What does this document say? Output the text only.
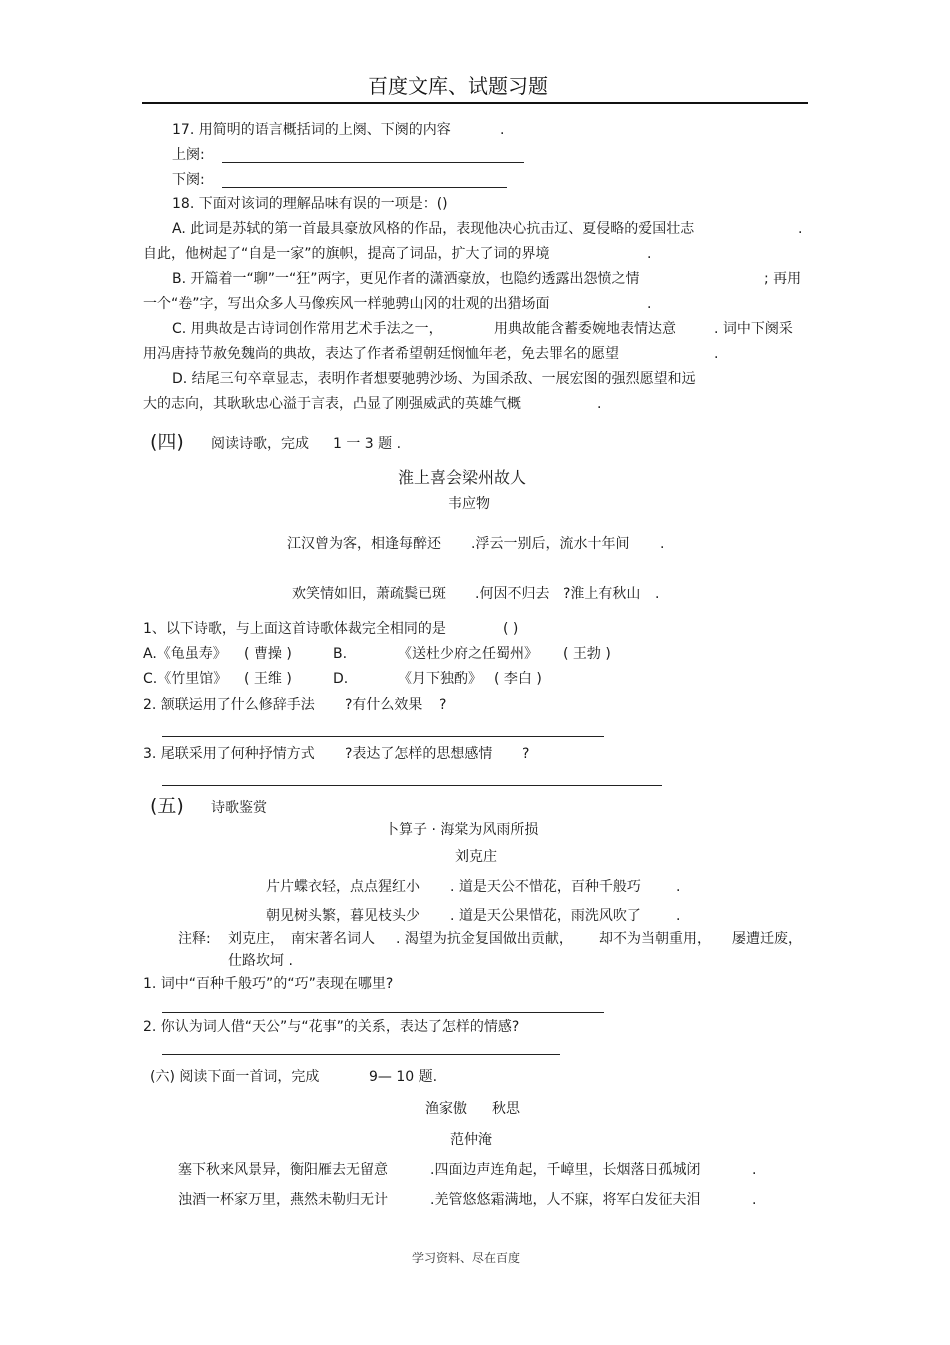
百度文库、试题习题
17. 用简明的语言概括词的上阕、下阕的内容	.
上阕:
下阕:
18. 下面对该词的理解品味有误的一项是：()
A. 此词是苏轼的第一首最具豪放风格的作品，表现他决心抗击辽、夏侵略的爱国壮志	.
自此，他树起了“自是一家”的旗帜，提高了词品，扩大了词的界境	.
B. 开篇着一“聊”一“狂”两字，更见作者的潇洒豪放，也隐约透露出怨愤之情	; 再用
一个“卷”字，写出众多人马像疾风一样驰骋山冈的壮观的出猎场面	.
C. 用典故是古诗词创作常用艺术手法之一，	用典故能含蓄委婉地表情达意	. 词中下阕采
用冯唐持节赦免魏尚的典故，表达了作者希望朝廷悯恤年老，免去罪名的愿望	.
D. 结尾三句卒章显志，表明作者想要驰骋沙场、为国杀敌、一展宏图的强烈愿望和远
大的志向，其耿耿忠心溢于言表，凸显了刚强威武的英雄气概	.
(四) 阅读诗歌，完成 1 一 3 题 .
淮上喜会梁州故人
韦应物
江汉曾为客，相逢每醉还 .浮云一别后，流水十年间 .
欢笑情如旧，萧疏鬓已斑 .何因不归去 ?淮上有秋山 .
1、以下诗歌，与上面这首诗歌体裁完全相同的是	( )
A.《龟虽寿》 ( 曹操 )	B.	《送杜少府之任蜀州》 ( 王勃 )
C.《竹里馆》 ( 王维 )	D.	《月下独酌》 ( 李白 )
2. 颔联运用了什么修辞手法 ?有什么效果 ?
3. 尾联采用了何种抒情方式 ?表达了怎样的思想感情 ?
(五) 诗歌鉴赏
卜算子 · 海棠为风雨所损
刘克庄
片片蝶衣轻，点点猩红小 . 道是天公不惜花，百种千般巧	.
朝见树头繁，暮见枝头少 . 道是天公果惜花，雨洗风吹了	.
注释: 刘克庄， 南宋著名词人 . 渴望为抗金复国做出贡献， 却不为当朝重用， 屡遭迁废，
仕路坎坷 .
1. 词中“百种千般巧”的“巧”表现在哪里?
2. 你认为词人借“天公”与“花事”的关系，表达了怎样的情感?
(六) 阅读下面一首词，完成	9— 10 题.
渔家傲 秋思
范仲淹
塞下秋来风景异，衡阳雁去无留意	.四面边声连角起，千嶂里，长烟落日孤城闭	.
浊酒一杯家万里，燕然未勒归无计	.羌管悠悠霜满地，人不寐，将军白发征夫泪	.
学习资料、尽在百度
